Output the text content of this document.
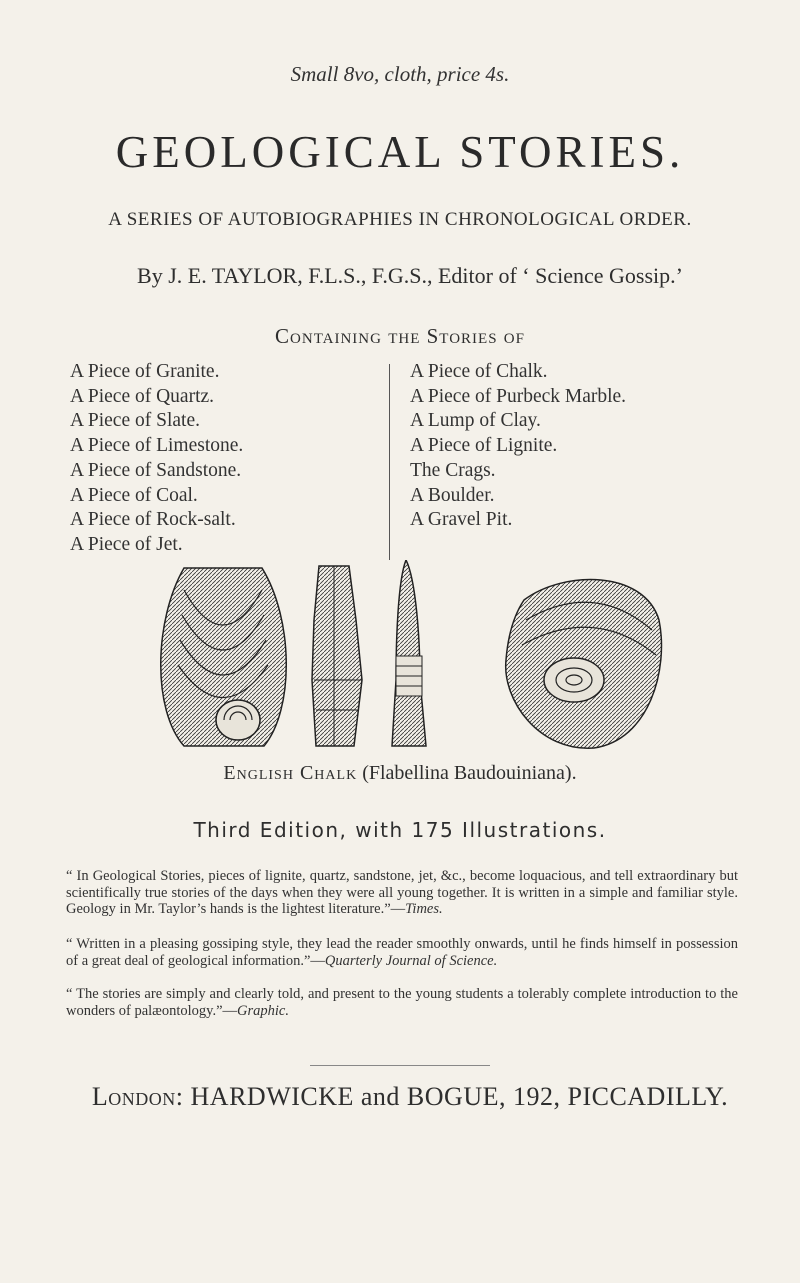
Small 8vo, cloth, price 4s.
GEOLOGICAL STORIES.
A SERIES OF AUTOBIOGRAPHIES IN CHRONOLOGICAL ORDER.
By J. E. TAYLOR, F.L.S., F.G.S., Editor of ‘ Science Gossip.’
Containing the Stories of
A Piece of Granite.
A Piece of Quartz.
A Piece of Slate.
A Piece of Limestone.
A Piece of Sandstone.
A Piece of Coal.
A Piece of Rock-salt.
A Piece of Jet.
A Piece of Chalk.
A Piece of Purbeck Marble.
A Lump of Clay.
A Piece of Lignite.
The Crags.
A Boulder.
A Gravel Pit.
English Chalk (Flabellina Baudouiniana).
Third Edition, with 175 Illustrations.
“ In Geological Stories, pieces of lignite, quartz, sandstone, jet, &c., become loquacious, and tell extraordinary but scientifically true stories of the days when they were all young together. It is written in a simple and familiar style. Geology in Mr. Taylor’s hands is the lightest literature.”—Times.
“ Written in a pleasing gossiping style, they lead the reader smoothly onwards, until he finds himself in possession of a great deal of geological information.”—Quarterly Journal of Science.
“ The stories are simply and clearly told, and present to the young students a tolerably complete introduction to the wonders of palæontology.”—Graphic.
London: HARDWICKE and BOGUE, 192, PICCADILLY.
